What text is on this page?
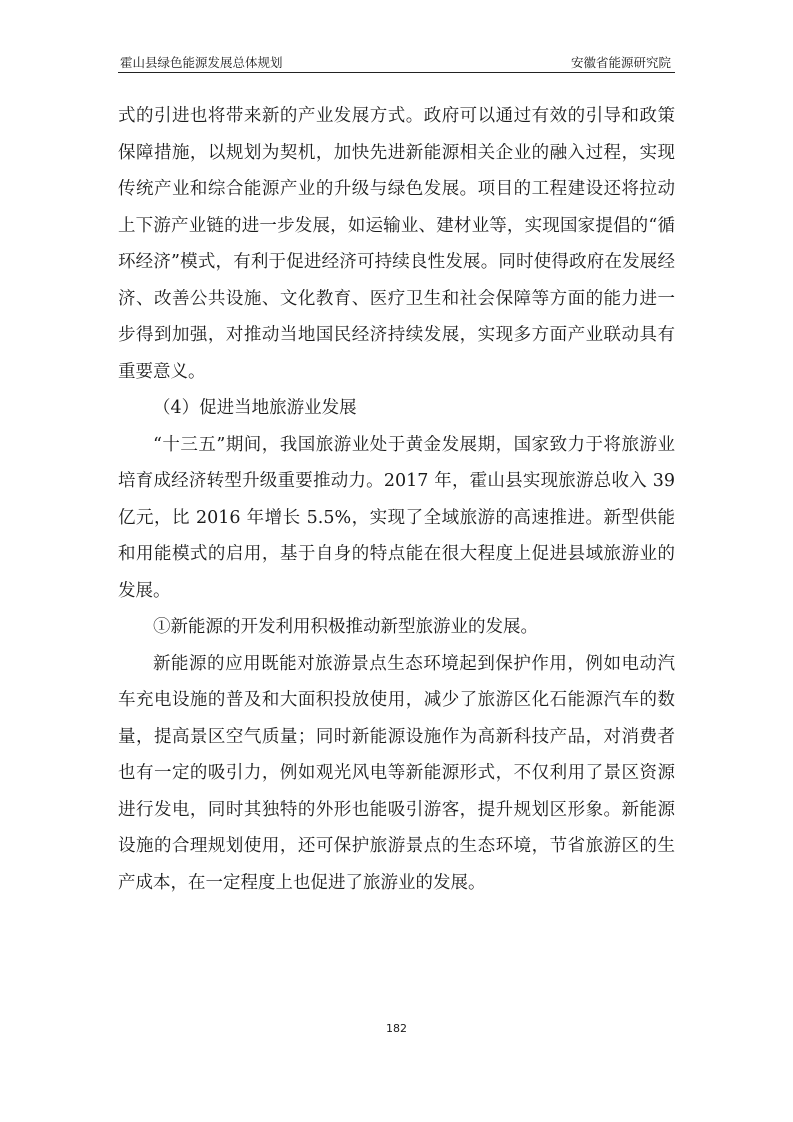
霍山县绿色能源发展总体规划	安徽省能源研究院

式的引进也将带来新的产业发展方式。政府可以通过有效的引导和政策保障措施，以规划为契机，加快先进新能源相关企业的融入过程，实现传统产业和综合能源产业的升级与绿色发展。项目的工程建设还将拉动上下游产业链的进一步发展，如运输业、建材业等，实现国家提倡的“循环经济”模式，有利于促进经济可持续良性发展。同时使得政府在发展经济、改善公共设施、文化教育、医疗卫生和社会保障等方面的能力进一步得到加强，对推动当地国民经济持续发展，实现多方面产业联动具有重要意义。

（4）促进当地旅游业发展

“十三五”期间，我国旅游业处于黄金发展期，国家致力于将旅游业培育成经济转型升级重要推动力。2017 年，霍山县实现旅游总收入 39 亿元，比 2016 年增长 5.5%，实现了全域旅游的高速推进。新型供能和用能模式的启用，基于自身的特点能在很大程度上促进县域旅游业的发展。

①新能源的开发利用积极推动新型旅游业的发展。

新能源的应用既能对旅游景点生态环境起到保护作用，例如电动汽车充电设施的普及和大面积投放使用，减少了旅游区化石能源汽车的数量，提高景区空气质量；同时新能源设施作为高新科技产品，对消费者也有一定的吸引力，例如观光风电等新能源形式，不仅利用了景区资源进行发电，同时其独特的外形也能吸引游客，提升规划区形象。新能源设施的合理规划使用，还可保护旅游景点的生态环境，节省旅游区的生产成本，在一定程度上也促进了旅游业的发展。

182
